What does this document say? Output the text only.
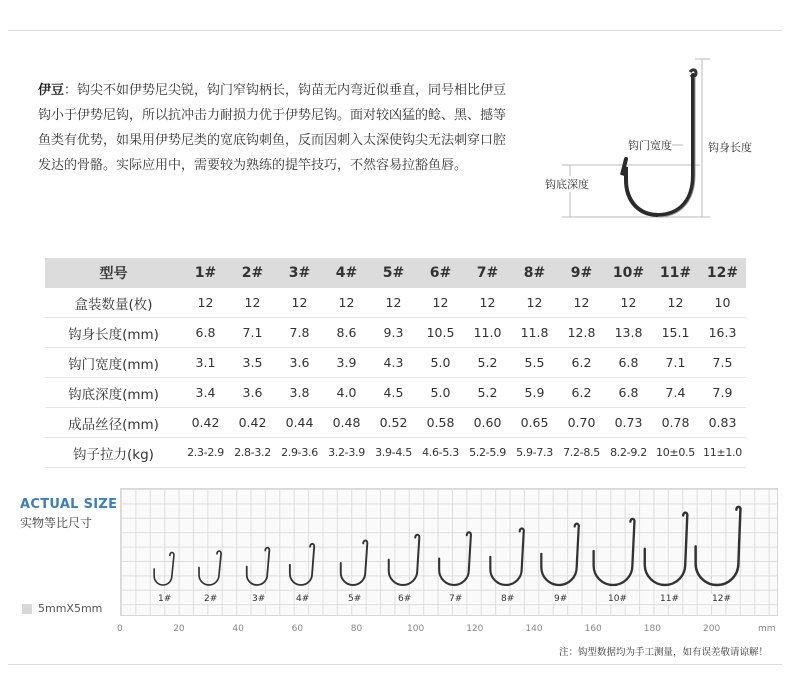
伊豆：钩尖不如伊势尼尖锐，钩门窄钩柄长，钩苗无内弯近似垂直，同号相比伊豆钩小于伊势尼钩，所以抗冲击力耐损力优于伊势尼钩。面对较凶猛的鲶、黑、撼等鱼类有优势，如果用伊势尼类的宽底钩刺鱼，反而因刺入太深使钩尖无法刺穿口腔发达的骨骼。实际应用中，需要较为熟练的提竿技巧，不然容易拉豁鱼唇。
钩门宽度	钩身长度
钩底深度
型号	1#	2#	3#	4#	5#	6#	7#	8#	9#	10#	11#	12#
盒装数量(枚)	12	12	12	12	12	12	12	12	12	12	12	10
钩身长度(mm)	6.8	7.1	7.8	8.6	9.3	10.5	11.0	11.8	12.8	13.8	15.1	16.3
钩门宽度(mm)	3.1	3.5	3.6	3.9	4.3	5.0	5.2	5.5	6.2	6.8	7.1	7.5
钩底深度(mm)	3.4	3.6	3.8	4.0	4.5	5.0	5.2	5.9	6.2	6.8	7.4	7.9
成品丝径(mm)	0.42	0.42	0.44	0.48	0.52	0.58	0.60	0.65	0.70	0.73	0.78	0.83
钩子拉力(kg)	2.3-2.9	2.8-3.2	2.9-3.6	3.2-3.9	3.9-4.5	4.6-5.3	5.2-5.9	5.9-7.3	7.2-8.5	8.2-9.2	10±0.5	11±1.0
ACTUAL SIZE
实物等比尺寸
1#	2#	3#	4#	5#	6#	7#	8#	9#	10#	11#	12#
5mmX5mm
0	20	40	60	80	100	120	140	160	180	200	mm
注：钩型数据均为手工测量，如有误差敬请谅解！
